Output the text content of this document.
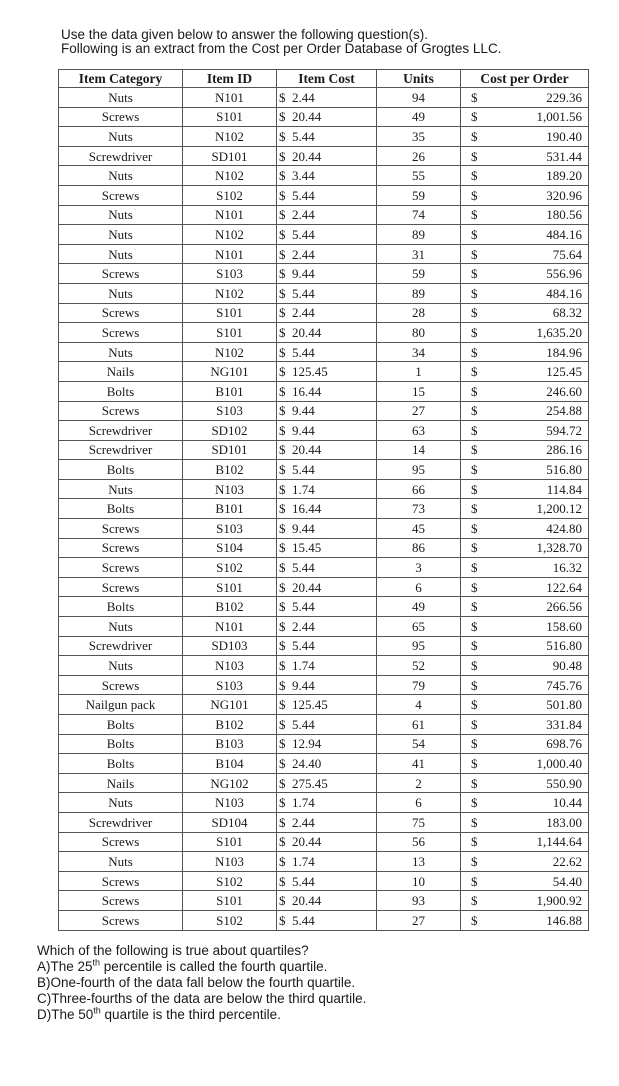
Use the data given below to answer the following question(s).
Following is an extract from the Cost per Order Database of Grogtes LLC.
Item Category	Item ID	Item Cost	Units	Cost per Order
Nuts	N101	$ 2.44	94	$ 229.36

Screws	S101	$ 20.44	49	$ 1,001.56

Nuts	N102	$ 5.44	35	$ 190.40

Screwdriver	SD101	$ 20.44	26	$ 531.44

Nuts	N102	$ 3.44	55	$ 189.20

Screws	S102	$ 5.44	59	$ 320.96

Nuts	N101	$ 2.44	74	$ 180.56

Nuts	N102	$ 5.44	89	$ 484.16

Nuts	N101	$ 2.44	31	$ 75.64

Screws	S103	$ 9.44	59	$ 556.96

Nuts	N102	$ 5.44	89	$ 484.16

Screws	S101	$ 2.44	28	$ 68.32

Screws	S101	$ 20.44	80	$ 1,635.20

Nuts	N102	$ 5.44	34	$ 184.96

Nails	NG101	$ 125.45	1	$ 125.45

Bolts	B101	$ 16.44	15	$ 246.60

Screws	S103	$ 9.44	27	$ 254.88

Screwdriver	SD102	$ 9.44	63	$ 594.72

Screwdriver	SD101	$ 20.44	14	$ 286.16

Bolts	B102	$ 5.44	95	$ 516.80

Nuts	N103	$ 1.74	66	$ 114.84

Bolts	B101	$ 16.44	73	$ 1,200.12

Screws	S103	$ 9.44	45	$ 424.80

Screws	S104	$ 15.45	86	$ 1,328.70

Screws	S102	$ 5.44	3	$ 16.32

Screws	S101	$ 20.44	6	$ 122.64

Bolts	B102	$ 5.44	49	$ 266.56

Nuts	N101	$ 2.44	65	$ 158.60

Screwdriver	SD103	$ 5.44	95	$ 516.80

Nuts	N103	$ 1.74	52	$ 90.48

Screws	S103	$ 9.44	79	$ 745.76

Nailgun pack	NG101	$ 125.45	4	$ 501.80

Bolts	B102	$ 5.44	61	$ 331.84

Bolts	B103	$ 12.94	54	$ 698.76

Bolts	B104	$ 24.40	41	$ 1,000.40

Nails	NG102	$ 275.45	2	$ 550.90

Nuts	N103	$ 1.74	6	$ 10.44

Screwdriver	SD104	$ 2.44	75	$ 183.00

Screws	S101	$ 20.44	56	$ 1,144.64

Nuts	N103	$ 1.74	13	$ 22.62

Screws	S102	$ 5.44	10	$ 54.40

Screws	S101	$ 20.44	93	$ 1,900.92

Screws	S102	$ 5.44	27	$ 146.88
Which of the following is true about quartiles?
A)The 25th percentile is called the fourth quartile.
B)One-fourth of the data fall below the fourth quartile.
C)Three-fourths of the data are below the third quartile.
D)The 50th quartile is the third percentile.
